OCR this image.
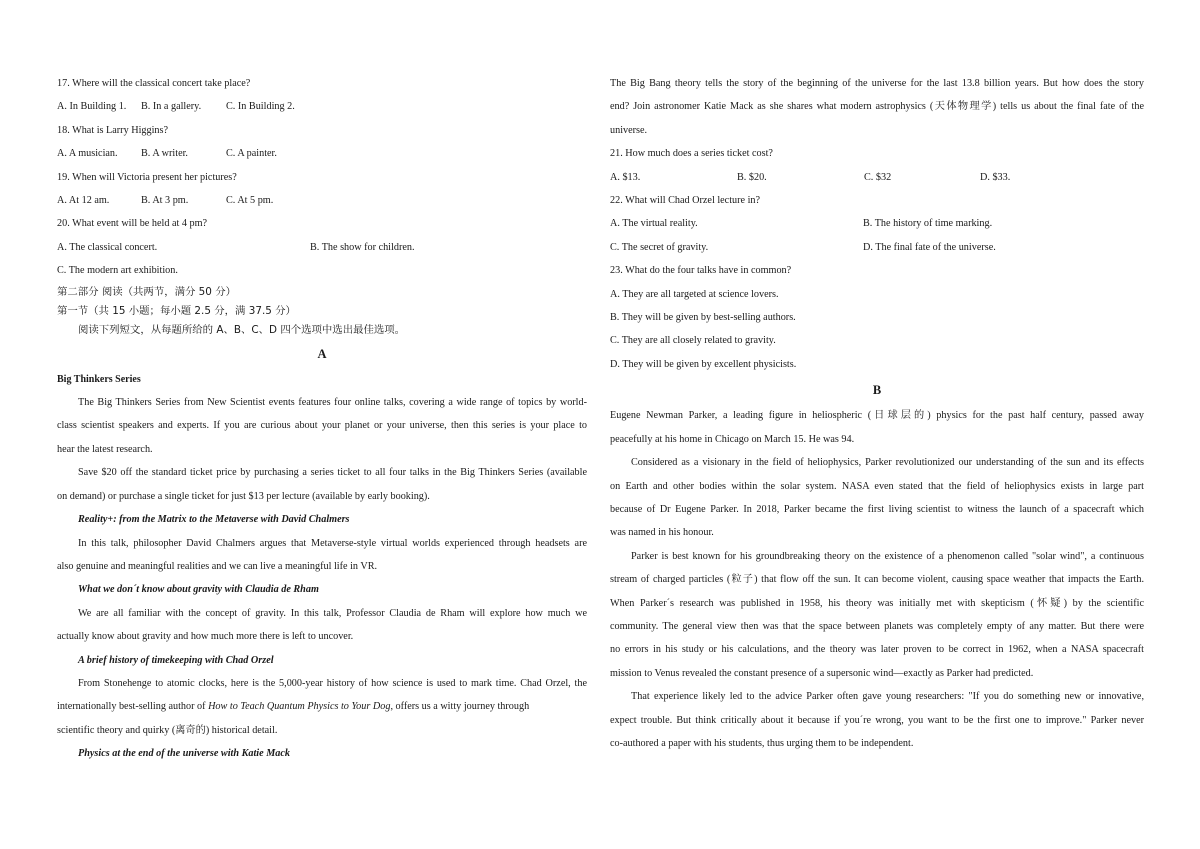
17. Where will the classical concert take place?
A. In Building 1.	B. In a gallery.	C. In Building 2.
18. What is Larry Higgins?
A. A musician.	B. A writer.	C. A painter.
19. When will Victoria present her pictures?
A. At 12 am.	B. At 3 pm.	C. At 5 pm.
20. What event will be held at 4 pm?
A. The classical concert.	B. The show for children.
C. The modern art exhibition.
第二部分 阅读（共两节，满分 50 分）
第一节（共 15 小题；每小题 2.5 分，满 37.5 分）
阅读下列短文，从每题所给的 A、B、C、D 四个选项中选出最佳选项。
A
Big Thinkers Series
The Big Thinkers Series from New Scientist events features four online talks, covering a wide range of topics by world-
class scientist speakers and experts. If you are curious about your planet or your universe, then this series is your place to
hear the latest research.
Save $20 off the standard ticket price by purchasing a series ticket to all four talks in the Big Thinkers Series (available
on demand) or purchase a single ticket for just $13 per lecture (available by early booking).
Reality+: from the Matrix to the Metaverse with David Chalmers
In this talk, philosopher David Chalmers argues that Metaverse-style virtual worlds experienced through headsets are
also genuine and meaningful realities and we can live a meaningful life in VR.
What we don´t know about gravity with Claudia de Rham
We are all familiar with the concept of gravity. In this talk, Professor Claudia de Rham will explore how much we
actually know about gravity and how much more there is left to uncover.
A brief history of timekeeping with Chad Orzel
From Stonehenge to atomic clocks, here is the 5,000-year history of how science is used to mark time. Chad Orzel, the
internationally best-selling author of How to Teach Quantum Physics to Your Dog, offers us a witty journey through
scientific theory and quirky (离奇的) historical detail.
Physics at the end of the universe with Katie Mack
The Big Bang theory tells the story of the beginning of the universe for the last 13.8 billion years. But how does the story
end? Join astronomer Katie Mack as she shares what modern astrophysics (天体物理学) tells us about the final fate of the
universe.
21. How much does a series ticket cost?
A. $13.	B. $20.	C. $32	D. $33.
22. What will Chad Orzel lecture in?
A. The virtual reality.	B. The history of time marking.
C. The secret of gravity.	D. The final fate of the universe.
23. What do the four talks have in common?
A. They are all targeted at science lovers.
B. They will be given by best-selling authors.
C. They are all closely related to gravity.
D. They will be given by excellent physicists.
B
Eugene Newman Parker, a leading figure in heliospheric (日球层的) physics for the past half century, passed away
peacefully at his home in Chicago on March 15. He was 94.
Considered as a visionary in the field of heliophysics, Parker revolutionized our understanding of the sun and its effects
on Earth and other bodies within the solar system. NASA even stated that the field of heliophysics exists in large part
because of Dr Eugene Parker. In 2018, Parker became the first living scientist to witness the launch of a spacecraft which
was named in his honour.
Parker is best known for his groundbreaking theory on the existence of a phenomenon called "solar wind", a continuous
stream of charged particles (粒子) that flow off the sun. It can become violent, causing space weather that impacts the Earth.
When Parker´s research was published in 1958, his theory was initially met with skepticism (怀疑) by the scientific
community. The general view then was that the space between planets was completely empty of any matter. But there were
no errors in his study or his calculations, and the theory was later proven to be correct in 1962, when a NASA spacecraft
mission to Venus revealed the constant presence of a supersonic wind—exactly as Parker had predicted.
That experience likely led to the advice Parker often gave young researchers: "If you do something new or innovative,
expect trouble. But think critically about it because if you´re wrong, you want to be the first one to improve." Parker never
co-authored a paper with his students, thus urging them to be independent.
